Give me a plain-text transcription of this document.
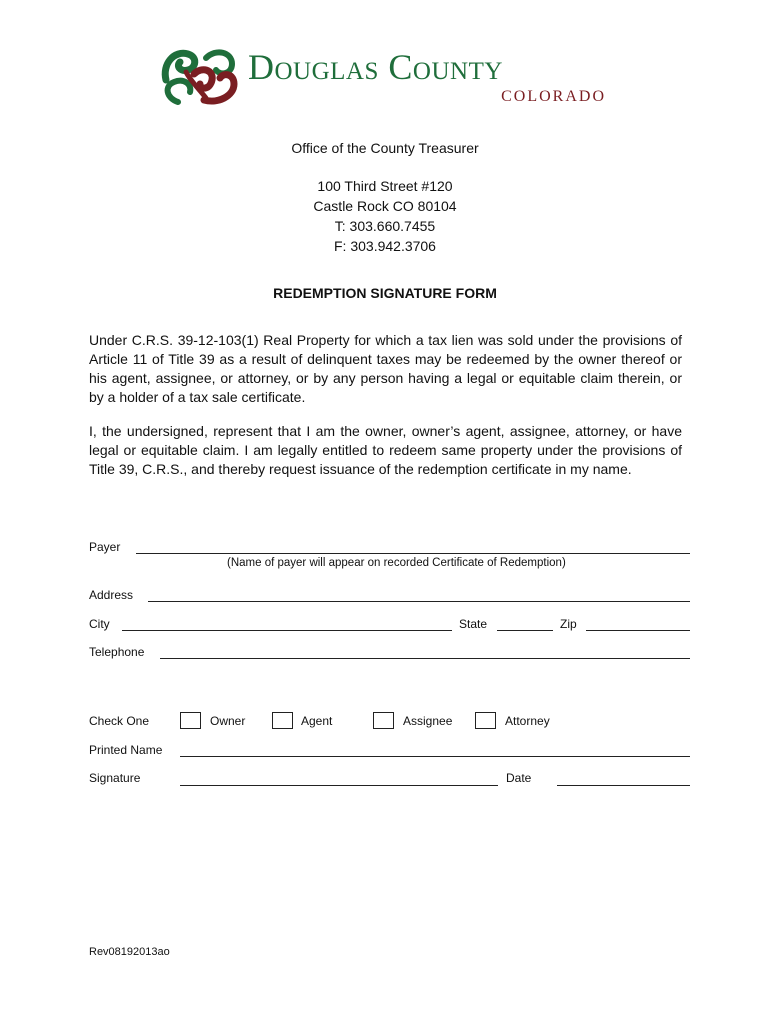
Douglas County
COLORADO
Office of the County Treasurer
100 Third Street #120
Castle Rock CO 80104
T: 303.660.7455
F: 303.942.3706
REDEMPTION SIGNATURE FORM
Under C.R.S. 39-12-103(1) Real Property for which a tax lien was sold under the provisions of Article 11 of Title 39 as a result of delinquent taxes may be redeemed by the owner thereof or his agent, assignee, or attorney, or by any person having a legal or equitable claim therein, or by a holder of a tax sale certificate.
I, the undersigned, represent that I am the owner, owner’s agent, assignee, attorney, or have legal or equitable claim. I am legally entitled to redeem same property under the provisions of Title 39, C.R.S., and thereby request issuance of the redemption certificate in my name.
Payer
(Name of payer will appear on recorded Certificate of Redemption)
Address
City	State	Zip
Telephone
Check One	Owner	Agent	Assignee	Attorney
Printed Name
Signature	Date
Rev08192013ao
